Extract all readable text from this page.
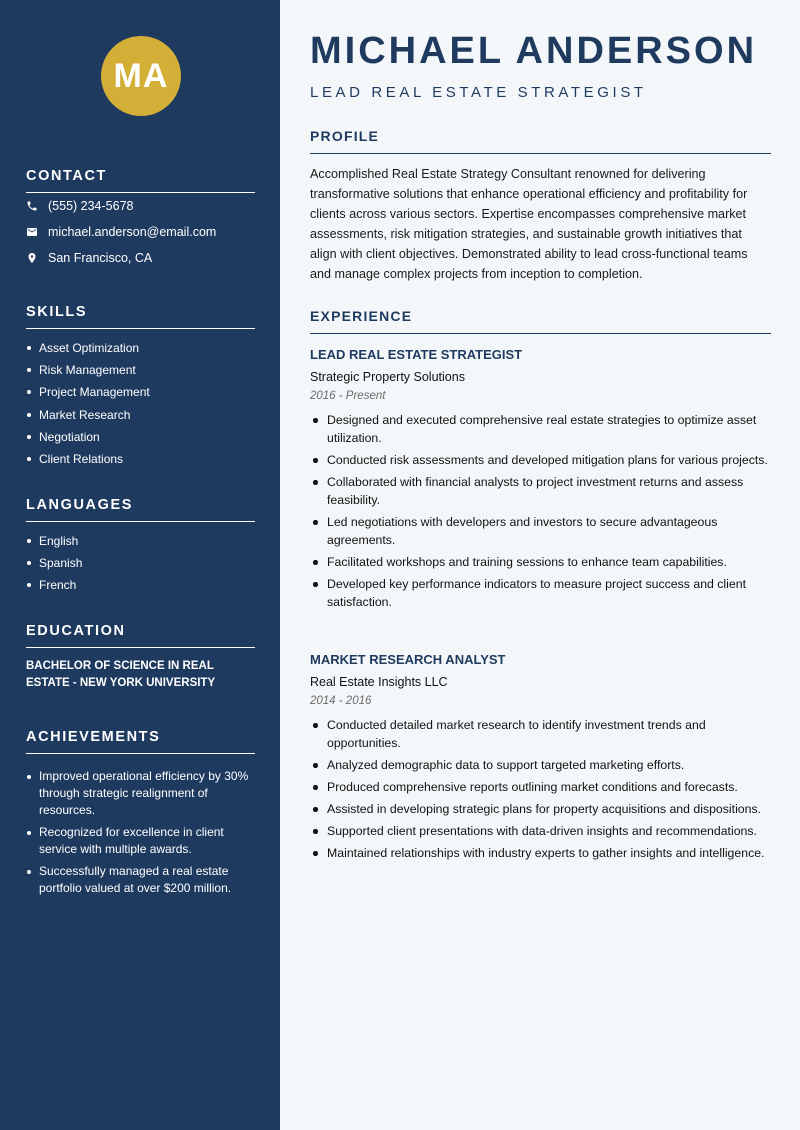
MA
CONTACT
(555) 234-5678
michael.anderson@email.com
San Francisco, CA
SKILLS
Asset Optimization
Risk Management
Project Management
Market Research
Negotiation
Client Relations
LANGUAGES
English
Spanish
French
EDUCATION
BACHELOR OF SCIENCE IN REAL ESTATE - NEW YORK UNIVERSITY
ACHIEVEMENTS
Improved operational efficiency by 30% through strategic realignment of resources.
Recognized for excellence in client service with multiple awards.
Successfully managed a real estate portfolio valued at over $200 million.
MICHAEL ANDERSON
LEAD REAL ESTATE STRATEGIST
PROFILE
Accomplished Real Estate Strategy Consultant renowned for delivering transformative solutions that enhance operational efficiency and profitability for clients across various sectors. Expertise encompasses comprehensive market assessments, risk mitigation strategies, and sustainable growth initiatives that align with client objectives. Demonstrated ability to lead cross-functional teams and manage complex projects from inception to completion.
EXPERIENCE
LEAD REAL ESTATE STRATEGIST
Strategic Property Solutions
2016 - Present
Designed and executed comprehensive real estate strategies to optimize asset utilization.
Conducted risk assessments and developed mitigation plans for various projects.
Collaborated with financial analysts to project investment returns and assess feasibility.
Led negotiations with developers and investors to secure advantageous agreements.
Facilitated workshops and training sessions to enhance team capabilities.
Developed key performance indicators to measure project success and client satisfaction.
MARKET RESEARCH ANALYST
Real Estate Insights LLC
2014 - 2016
Conducted detailed market research to identify investment trends and opportunities.
Analyzed demographic data to support targeted marketing efforts.
Produced comprehensive reports outlining market conditions and forecasts.
Assisted in developing strategic plans for property acquisitions and dispositions.
Supported client presentations with data-driven insights and recommendations.
Maintained relationships with industry experts to gather insights and intelligence.
